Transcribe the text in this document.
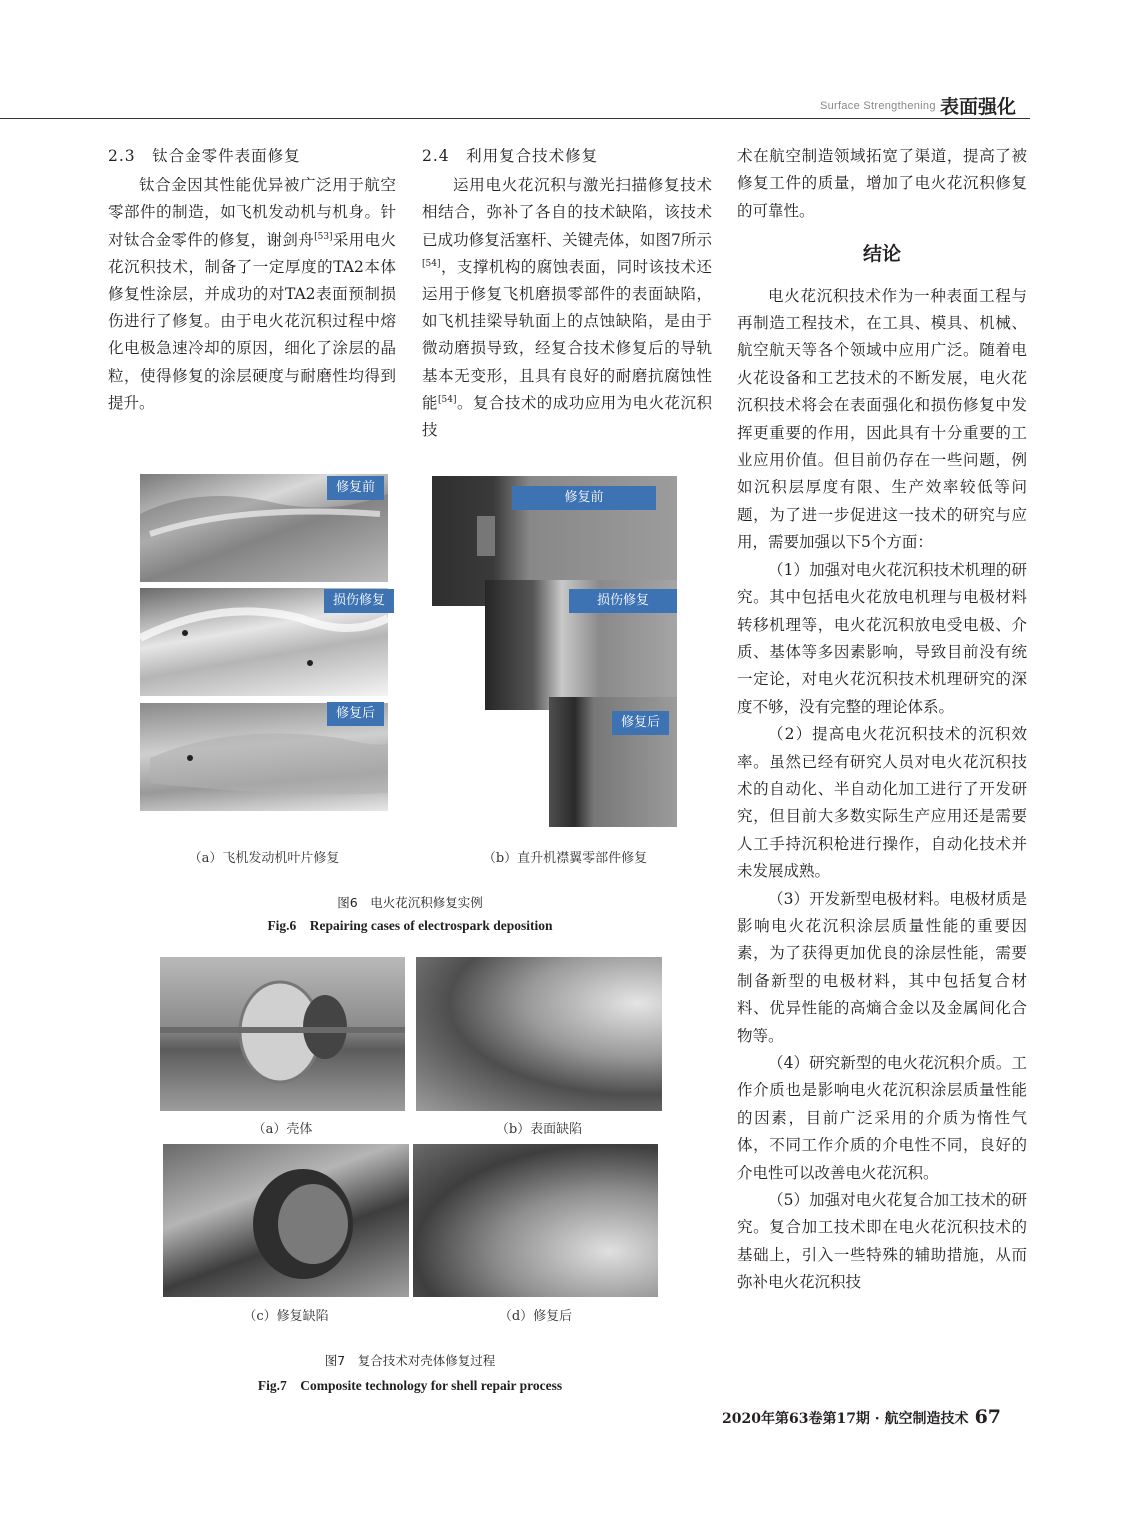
Surface Strengthening 表面强化
2.3　钛合金零件表面修复

钛合金因其性能优异被广泛用于航空零部件的制造，如飞机发动机与机身。针对钛合金零件的修复，谢剑舟[53]采用电火花沉积技术，制备了一定厚度的TA2本体修复性涂层，并成功的对TA2表面预制损伤进行了修复。由于电火花沉积过程中熔化电极急速冷却的原因，细化了涂层的晶粒，使得修复的涂层硬度与耐磨性均得到提升。

2.4　利用复合技术修复

运用电火花沉积与激光扫描修复技术相结合，弥补了各自的技术缺陷，该技术已成功修复活塞杆、关键壳体，如图7所示[54]，支撑机构的腐蚀表面，同时该技术还运用于修复飞机磨损零部件的表面缺陷，如飞机挂梁导轨面上的点蚀缺陷，是由于微动磨损导致，经复合技术修复后的导轨基本无变形，且具有良好的耐磨抗腐蚀性能[54]。复合技术的成功应用为电火花沉积技

术在航空制造领域拓宽了渠道，提高了被修复工件的质量，增加了电火花沉积修复的可靠性。

结论

电火花沉积技术作为一种表面工程与再制造工程技术，在工具、模具、机械、航空航天等各个领域中应用广泛。随着电火花设备和工艺技术的不断发展，电火花沉积技术将会在表面强化和损伤修复中发挥更重要的作用，因此具有十分重要的工业应用价值。但目前仍存在一些问题，例如沉积层厚度有限、生产效率较低等问题，为了进一步促进这一技术的研究与应用，需要加强以下5个方面：

（1）加强对电火花沉积技术机理的研究。其中包括电火花放电机理与电极材料转移机理等，电火花沉积放电受电极、介质、基体等多因素影响，导致目前没有统一定论，对电火花沉积技术机理研究的深度不够，没有完整的理论体系。

（2）提高电火花沉积技术的沉积效率。虽然已经有研究人员对电火花沉积技术的自动化、半自动化加工进行了开发研究，但目前大多数实际生产应用还是需要人工手持沉积枪进行操作，自动化技术并未发展成熟。

（3）开发新型电极材料。电极材质是影响电火花沉积涂层质量性能的重要因素，为了获得更加优良的涂层性能，需要制备新型的电极材料，其中包括复合材料、优异性能的高熵合金以及金属间化合物等。

（4）研究新型的电火花沉积介质。工作介质也是影响电火花沉积涂层质量性能的因素，目前广泛采用的介质为惰性气体，不同工作介质的介电性不同，良好的介电性可以改善电火花沉积。

（5）加强对电火花复合加工技术的研究。复合加工技术即在电火花沉积技术的基础上，引入一些特殊的辅助措施，从而弥补电火花沉积技

修复前
损伤修复
修复后
修复前
损伤修复
修复后
（a）飞机发动机叶片修复	（b）直升机襟翼零部件修复
图6　电火花沉积修复实例
Fig.6　Repairing cases of electrospark deposition
（a）壳体	（b）表面缺陷
（c）修复缺陷	（d）修复后
图7　复合技术对壳体修复过程
Fig.7　Composite technology for shell repair process
2020年第63卷第17期 · 航空制造技术 67
